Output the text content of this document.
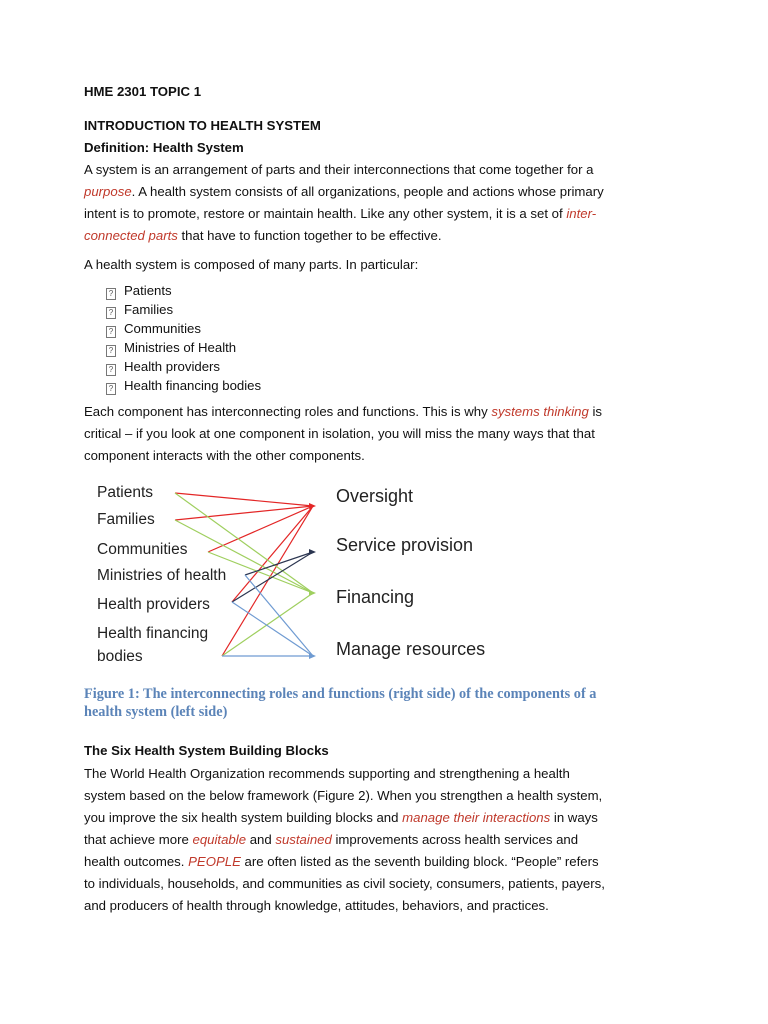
HME 2301 TOPIC 1
INTRODUCTION TO HEALTH SYSTEM
Definition: Health System
A system is an arrangement of parts and their interconnections that come together for a
purpose. A health system consists of all organizations, people and actions whose primary
intent is to promote, restore or maintain health. Like any other system, it is a set of inter-
connected parts that have to function together to be effective.
A health system is composed of many parts. In particular:
? Patients
? Families
? Communities
? Ministries of Health
? Health providers
? Health financing bodies
Each component has interconnecting roles and functions. This is why systems thinking is
critical – if you look at one component in isolation, you will miss the many ways that that
component interacts with the other components.
Patients
Families
Communities
Ministries of health
Health providers
Health financing
bodies
Oversight
Service provision
Financing
Manage resources
Figure 1: The interconnecting roles and functions (right side) of the components of a
health system (left side)
The Six Health System Building Blocks
The World Health Organization recommends supporting and strengthening a health
system based on the below framework (Figure 2). When you strengthen a health system,
you improve the six health system building blocks and manage their interactions in ways
that achieve more equitable and sustained improvements across health services and
health outcomes. PEOPLE are often listed as the seventh building block. “People” refers
to individuals, households, and communities as civil society, consumers, patients, payers,
and producers of health through knowledge, attitudes, behaviors, and practices.
